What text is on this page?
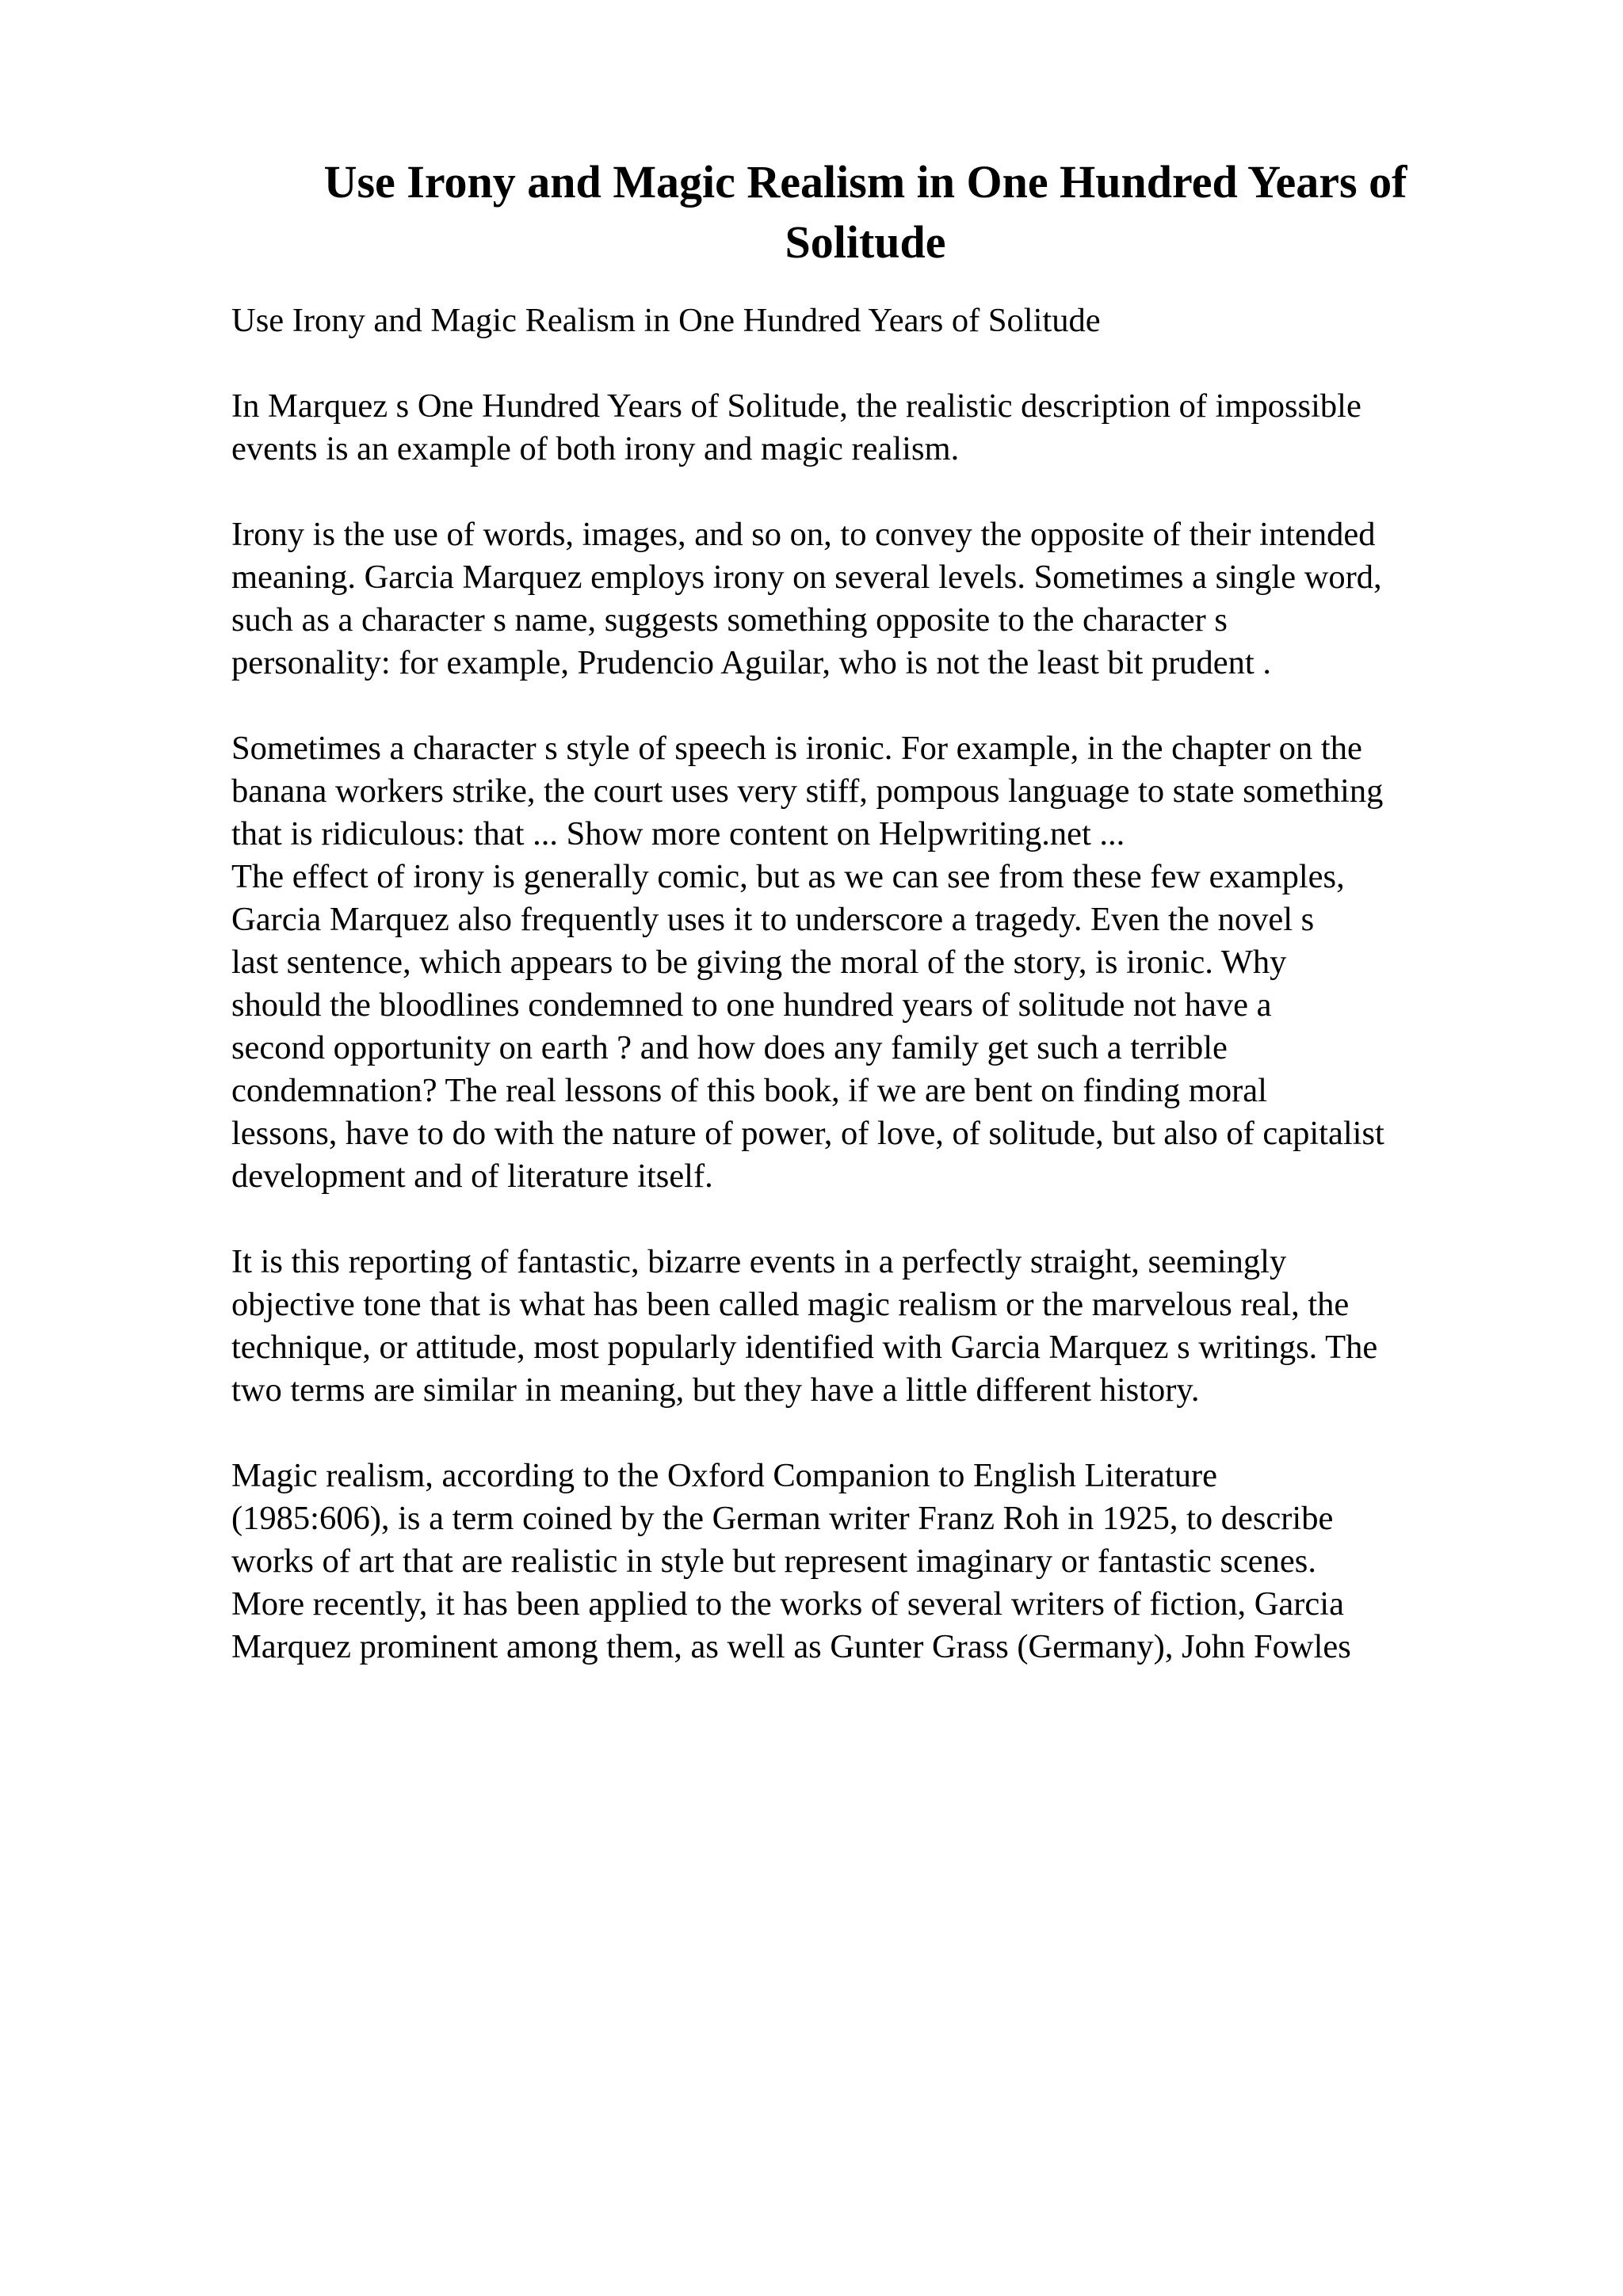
Use Irony and Magic Realism in One Hundred Years of
Solitude

Use Irony and Magic Realism in One Hundred Years of Solitude

In Marquez s One Hundred Years of Solitude, the realistic description of impossible
events is an example of both irony and magic realism.

Irony is the use of words, images, and so on, to convey the opposite of their intended
meaning. Garcia Marquez employs irony on several levels. Sometimes a single word,
such as a character s name, suggests something opposite to the character s
personality: for example, Prudencio Aguilar, who is not the least bit prudent .

Sometimes a character s style of speech is ironic. For example, in the chapter on the
banana workers strike, the court uses very stiff, pompous language to state something
that is ridiculous: that ... Show more content on Helpwriting.net ...

The effect of irony is generally comic, but as we can see from these few examples,
Garcia Marquez also frequently uses it to underscore a tragedy. Even the novel s
last sentence, which appears to be giving the moral of the story, is ironic. Why
should the bloodlines condemned to one hundred years of solitude not have a
second opportunity on earth ? and how does any family get such a terrible
condemnation? The real lessons of this book, if we are bent on finding moral
lessons, have to do with the nature of power, of love, of solitude, but also of capitalist
development and of literature itself.

It is this reporting of fantastic, bizarre events in a perfectly straight, seemingly
objective tone that is what has been called magic realism or the marvelous real, the
technique, or attitude, most popularly identified with Garcia Marquez s writings. The
two terms are similar in meaning, but they have a little different history.

Magic realism, according to the Oxford Companion to English Literature
(1985:606), is a term coined by the German writer Franz Roh in 1925, to describe
works of art that are realistic in style but represent imaginary or fantastic scenes.
More recently, it has been applied to the works of several writers of fiction, Garcia
Marquez prominent among them, as well as Gunter Grass (Germany), John Fowles
